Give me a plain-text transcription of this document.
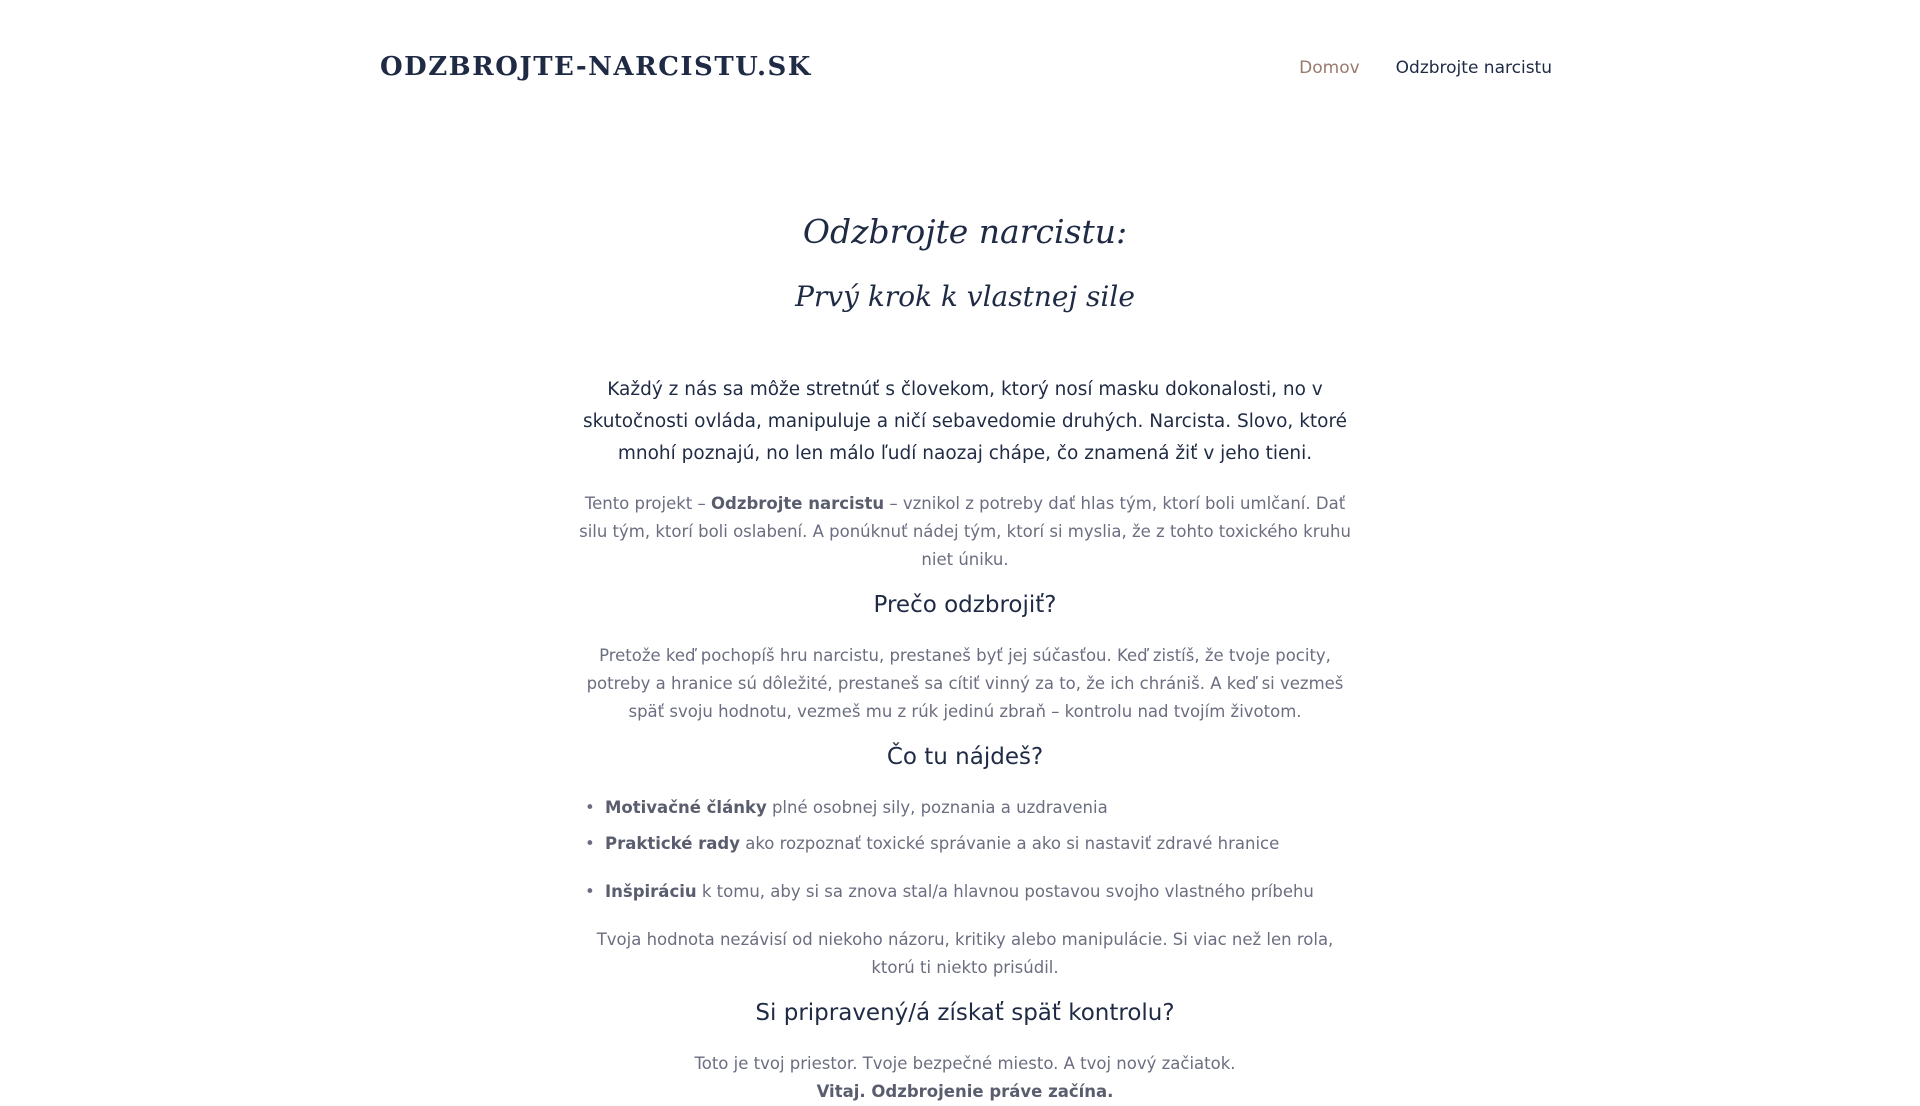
ODZBROJTE-NARCISTU.SK	Domov Odzbrojte narcistu
Odzbrojte narcistu:
Prvý krok k vlastnej sile

Každý z nás sa môže stretnúť s človekom, ktorý nosí masku dokonalosti, no v skutočnosti ovláda, manipuluje a ničí sebavedomie druhých. Narcista. Slovo, ktoré mnohí poznajú, no len málo ľudí naozaj chápe, čo znamená žiť v jeho tieni.

Tento projekt – Odzbrojte narcistu – vznikol z potreby dať hlas tým, ktorí boli umlčaní. Dať silu tým, ktorí boli oslabení. A ponúknuť nádej tým, ktorí si myslia, že z tohto toxického kruhu niet úniku.

Prečo odzbrojiť?

Pretože keď pochopíš hru narcistu, prestaneš byť jej súčasťou. Keď zistíš, že tvoje pocity, potreby a hranice sú dôležité, prestaneš sa cítiť vinný za to, že ich chrániš. A keď si vezmeš späť svoju hodnotu, vezmeš mu z rúk jedinú zbraň – kontrolu nad tvojím životom.

Čo tu nájdeš?
• Motivačné články plné osobnej sily, poznania a uzdravenia
• Praktické rady ako rozpoznať toxické správanie a ako si nastaviť zdravé hranice
• Inšpiráciu k tomu, aby si sa znova stal/a hlavnou postavou svojho vlastného príbehu

Tvoja hodnota nezávisí od niekoho názoru, kritiky alebo manipulácie. Si viac než len rola, ktorú ti niekto prisúdil.

Si pripravený/á získať späť kontrolu?

Toto je tvoj priestor. Tvoje bezpečné miesto. A tvoj nový začiatok.
Vitaj. Odzbrojenie práve začína.
